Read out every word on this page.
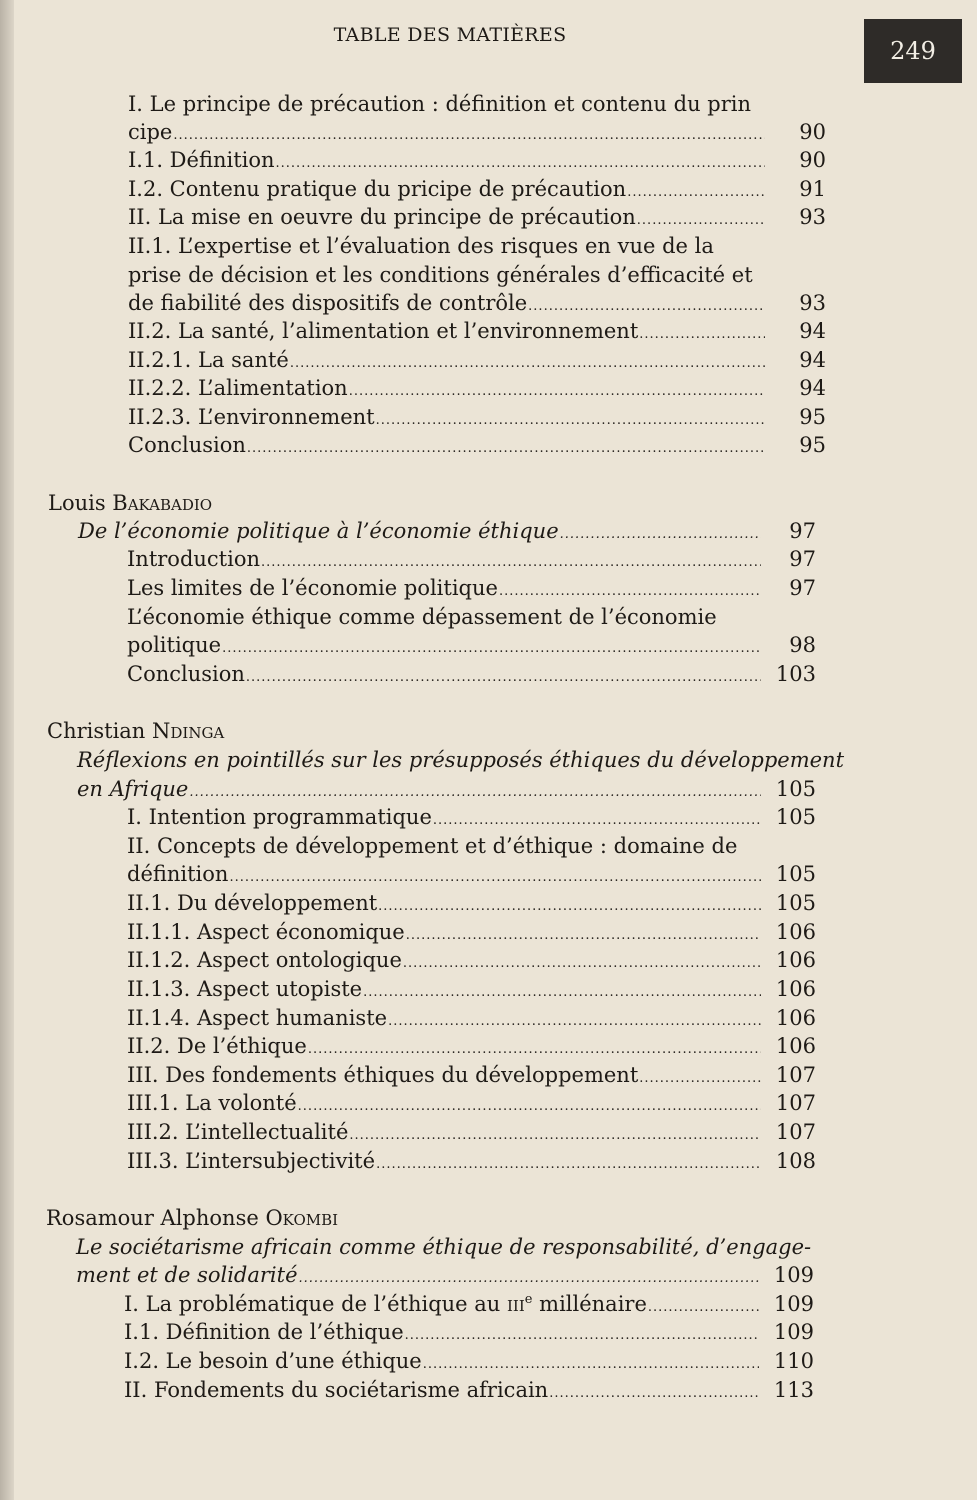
TABLE DES MATIÈRES
249
I. Le principe de précaution : définition et contenu du prin
cipe .....	90
I.1. Définition .....	90
I.2. Contenu pratique du pricipe de précaution .....	91
II. La mise en oeuvre du principe de précaution .....	93
II.1. L’expertise et l’évaluation des risques en vue de la
prise de décision et les conditions générales d’efficacité et
de fiabilité des dispositifs de contrôle .....	93
II.2. La santé, l’alimentation et l’environnement .....	94
II.2.1. La santé .....	94
II.2.2. L’alimentation .....	94
II.2.3. L’environnement .....	95
Conclusion .....	95
Louis Bakabadio
De l’économie politique à l’économie éthique .....	97
Introduction .....	97
Les limites de l’économie politique .....	97
L’économie éthique comme dépassement de l’économie
politique .....	98
Conclusion .....	103
Christian Ndinga
Réflexions en pointillés sur les présupposés éthiques du développement
en Afrique .....	105
I. Intention programmatique .....	105
II. Concepts de développement et d’éthique : domaine de
définition .....	105
II.1. Du développement .....	105
II.1.1. Aspect économique .....	106
II.1.2. Aspect ontologique .....	106
II.1.3. Aspect utopiste .....	106
II.1.4. Aspect humaniste .....	106
II.2. De l’éthique .....	106
III. Des fondements éthiques du développement .....	107
III.1. La volonté .....	107
III.2. L’intellectualité .....	107
III.3. L’intersubjectivité .....	108
Rosamour Alphonse Okombi
Le sociétarisme africain comme éthique de responsabilité, d’engage-
ment et de solidarité .....	109
I. La problématique de l’éthique au iii$^e$ millénaire .....	109
I.1. Définition de l’éthique .....	109
I.2. Le besoin d’une éthique .....	110
II. Fondements du sociétarisme africain .....	113
